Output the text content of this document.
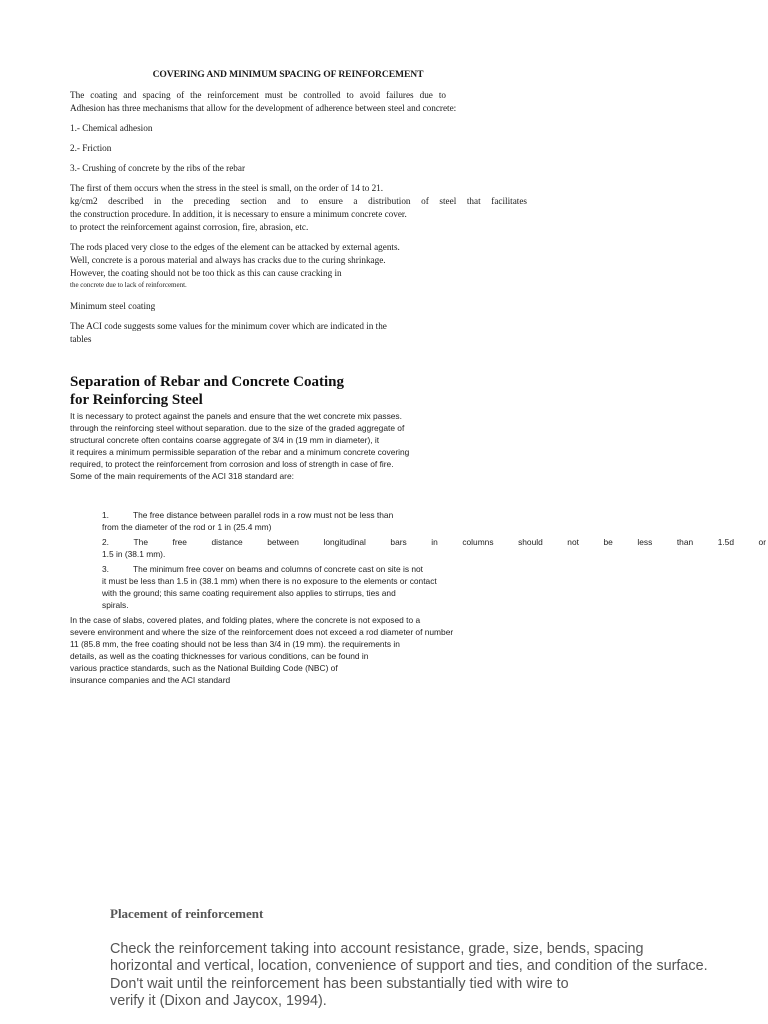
COVERING AND MINIMUM SPACING OF REINFORCEMENT
The coating and spacing of the reinforcement must be controlled to avoid failures due to
Adhesion has three mechanisms that allow for the development of adherence between steel and concrete:
1.- Chemical adhesion
2.- Friction
3.- Crushing of concrete by the ribs of the rebar
The first of them occurs when the stress in the steel is small, on the order of 14 to 21.
kg/cm2 described in the preceding section and to ensure a distribution of steel that facilitates
the construction procedure. In addition, it is necessary to ensure a minimum concrete cover.
to protect the reinforcement against corrosion, fire, abrasion, etc.
The rods placed very close to the edges of the element can be attacked by external agents.
Well, concrete is a porous material and always has cracks due to the curing shrinkage.
However, the coating should not be too thick as this can cause cracking in
the concrete due to lack of reinforcement.
Minimum steel coating
The ACI code suggests some values for the minimum cover which are indicated in the
tables
Separation of Rebar and Concrete Coating
for Reinforcing Steel
It is necessary to protect against the panels and ensure that the wet concrete mix passes.
through the reinforcing steel without separation. due to the size of the graded aggregate of
structural concrete often contains coarse aggregate of 3/4 in (19 mm in diameter), it
it requires a minimum permissible separation of the rebar and a minimum concrete covering
required, to protect the reinforcement from corrosion and loss of strength in case of fire.
Some of the main requirements of the ACI 318 standard are:
1.	The free distance between parallel rods in a row must not be less than
from the diameter of the rod or 1 in (25.4 mm)
2.	The	free	distance	between	longitudinal	bars	in	columns	should	not	be	less	than	1.5d	or
1.5 in (38.1 mm).
3.	The minimum free cover on beams and columns of concrete cast on site is not
it must be less than 1.5 in (38.1 mm) when there is no exposure to the elements or contact
with the ground; this same coating requirement also applies to stirrups, ties and
spirals.
In the case of slabs, covered plates, and folding plates, where the concrete is not exposed to a
severe environment and where the size of the reinforcement does not exceed a rod diameter of number
11 (85.8 mm, the free coating should not be less than 3/4 in (19 mm). the requirements in
details, as well as the coating thicknesses for various conditions, can be found in
various practice standards, such as the National Building Code (NBC) of
insurance companies and the ACI standard
Placement of reinforcement
Check the reinforcement taking into account resistance, grade, size, bends, spacing
horizontal and vertical, location, convenience of support and ties, and condition of the surface.
Don't wait until the reinforcement has been substantially tied with wire to
verify it (Dixon and Jaycox, 1994).
